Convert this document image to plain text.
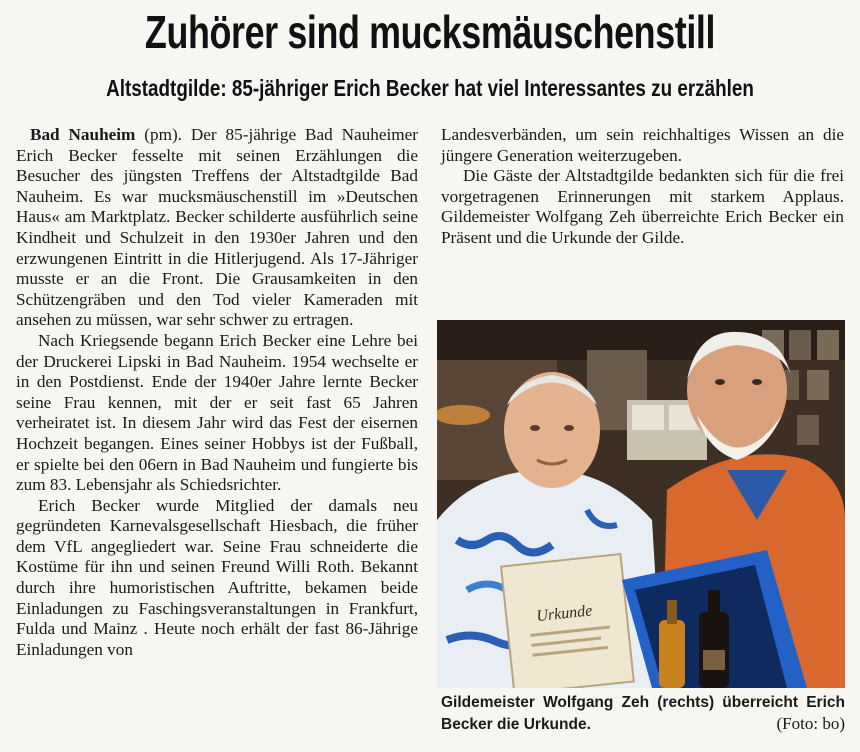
Zuhörer sind mucksmäuschenstill
Altstadtgilde: 85-jähriger Erich Becker hat viel Interessantes zu erzählen

Bad Nauheim (pm). Der 85-jährige Bad Nauheimer Erich Becker fesselte mit seinen Erzählungen die Besucher des jüngsten Treffens der Altstadtgilde Bad Nauheim. Es war mucksmäuschenstill im »Deutschen Haus« am Marktplatz. Becker schilderte ausführlich seine Kindheit und Schulzeit in den 1930er Jahren und den erzwungenen Eintritt in die Hitlerjugend. Als 17-Jähriger musste er an die Front. Die Grausamkeiten in den Schützengräben und den Tod vieler Kameraden mit ansehen zu müssen, war sehr schwer zu ertragen.

Nach Kriegsende begann Erich Becker eine Lehre bei der Druckerei Lipski in Bad Nauheim. 1954 wechselte er in den Postdienst. Ende der 1940er Jahre lernte Becker seine Frau kennen, mit der er seit fast 65 Jahren verheiratet ist. In diesem Jahr wird das Fest der eisernen Hochzeit begangen. Eines seiner Hobbys ist der Fußball, er spielte bei den 06ern in Bad Nauheim und fungierte bis zum 83. Lebensjahr als Schiedsrichter.

Erich Becker wurde Mitglied der damals neu gegründeten Karnevalsgesellschaft Hiesbach, die früher dem VfL angegliedert war. Seine Frau schneiderte die Kostüme für ihn und seinen Freund Willi Roth. Bekannt durch ihre humoristischen Auftritte, bekamen beide Einladungen zu Faschingsveranstaltungen in Frankfurt, Fulda und Mainz . Heute noch erhält der fast 86-Jährige Einladungen von

Landesverbänden, um sein reichhaltiges Wissen an die jüngere Generation weiterzugeben.

Die Gäste der Altstadtgilde bedankten sich für die frei vorgetragenen Erinnerungen mit starkem Applaus. Gildemeister Wolfgang Zeh überreichte Erich Becker ein Präsent und die Urkunde der Gilde.

Urkunde
Gildemeister Wolfgang Zeh (rechts) überreicht Erich Becker die Urkunde.	(Foto: bo)
